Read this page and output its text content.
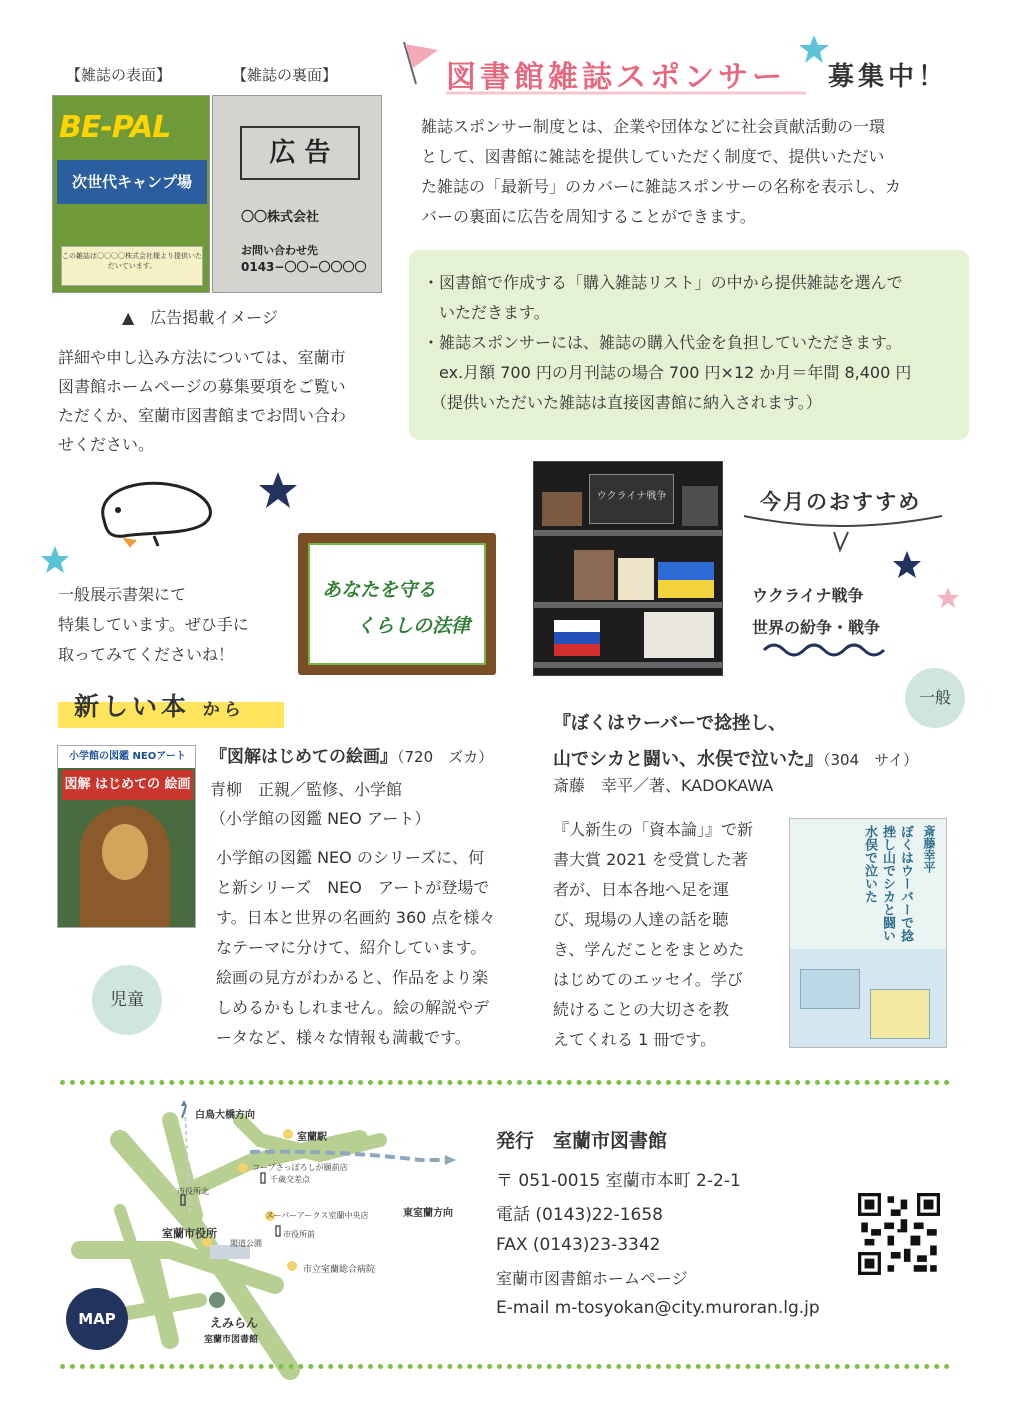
【雑誌の表面】	【雑誌の裏面】
BE-PAL
次世代キャンプ場
この雑誌は〇〇〇〇株式会社様より提供いただいています。
広 告
〇〇株式会社
お問い合わせ先
0143−〇〇−〇〇〇〇
▲　広告掲載イメージ
詳細や申し込み方法については、室蘭市
図書館ホームページの募集要項をご覧い
ただくか、室蘭市図書館までお問い合わ
せください。
図書館雑誌スポンサー 募集中！
雑誌スポンサー制度とは、企業や団体などに社会貢献活動の一環
として、図書館に雑誌を提供していただく制度で、提供いただい
た雑誌の「最新号」のカバーに雑誌スポンサーの名称を表示し、カ
バーの裏面に広告を周知することができます。
・図書館で作成する「購入雑誌リスト」の中から提供雑誌を選んで
　いただきます。
・雑誌スポンサーには、雑誌の購入代金を負担していただきます。
　ex.月額 700 円の月刊誌の場合 700 円×12 か月＝年間 8,400 円
　（提供いただいた雑誌は直接図書館に納入されます。）
一般展示書架にて
特集しています。ぜひ手に
取ってみてくださいね！
あなたを守る
くらしの法律
ウクライナ戦争	今月のおすすめ
ウクライナ戦争
世界の紛争・戦争
新しい本 から
一般
小学館の図鑑 NEOアート
図解 はじめての 絵画
『図解はじめての絵画』（720　ズカ）
青柳　正親／監修、小学館
（小学館の図鑑 NEO アート）
小学館の図鑑 NEO のシリーズに、何
と新シリーズ　NEO　アートが登場で
す。日本と世界の名画約 360 点を様々
なテーマに分けて、紹介しています。
絵画の見方がわかると、作品をより楽
しめるかもしれません。絵の解説やデ
ータなど、様々な情報も満載です。
児童
『ぼくはウーバーで捻挫し、
山でシカと闘い、水俣で泣いた』（304　サイ）
斎藤　幸平／著、KADOKAWA
『人新生の「資本論」』で新
書大賞 2021 を受賞した著
者が、日本各地へ足を運
び、現場の人達の話を聴
き、学んだことをまとめた
はじめてのエッセイ。学び
続けることの大切さを教
えてくれる 1 冊です。
斎藤幸平
ぼくはウーバーで捻挫し山でシカと闘い水俣で泣いた
MAP
白鳥大橋方向
室蘭駅
コープさっぽろしが願前店
千歳交差点
市役所北
スーパーアークス室蘭中央店
市役所前
室蘭市役所
閣道公園
市立室蘭総合病院
東室蘭方向
えみらん
室蘭市図書館
発行　室蘭市図書館
〒 051-0015 室蘭市本町 2-2-1
電話 (0143)22-1658
FAX (0143)23-3342
室蘭市図書館ホームページ
E-mail m-tosyokan@city.muroran.lg.jp
